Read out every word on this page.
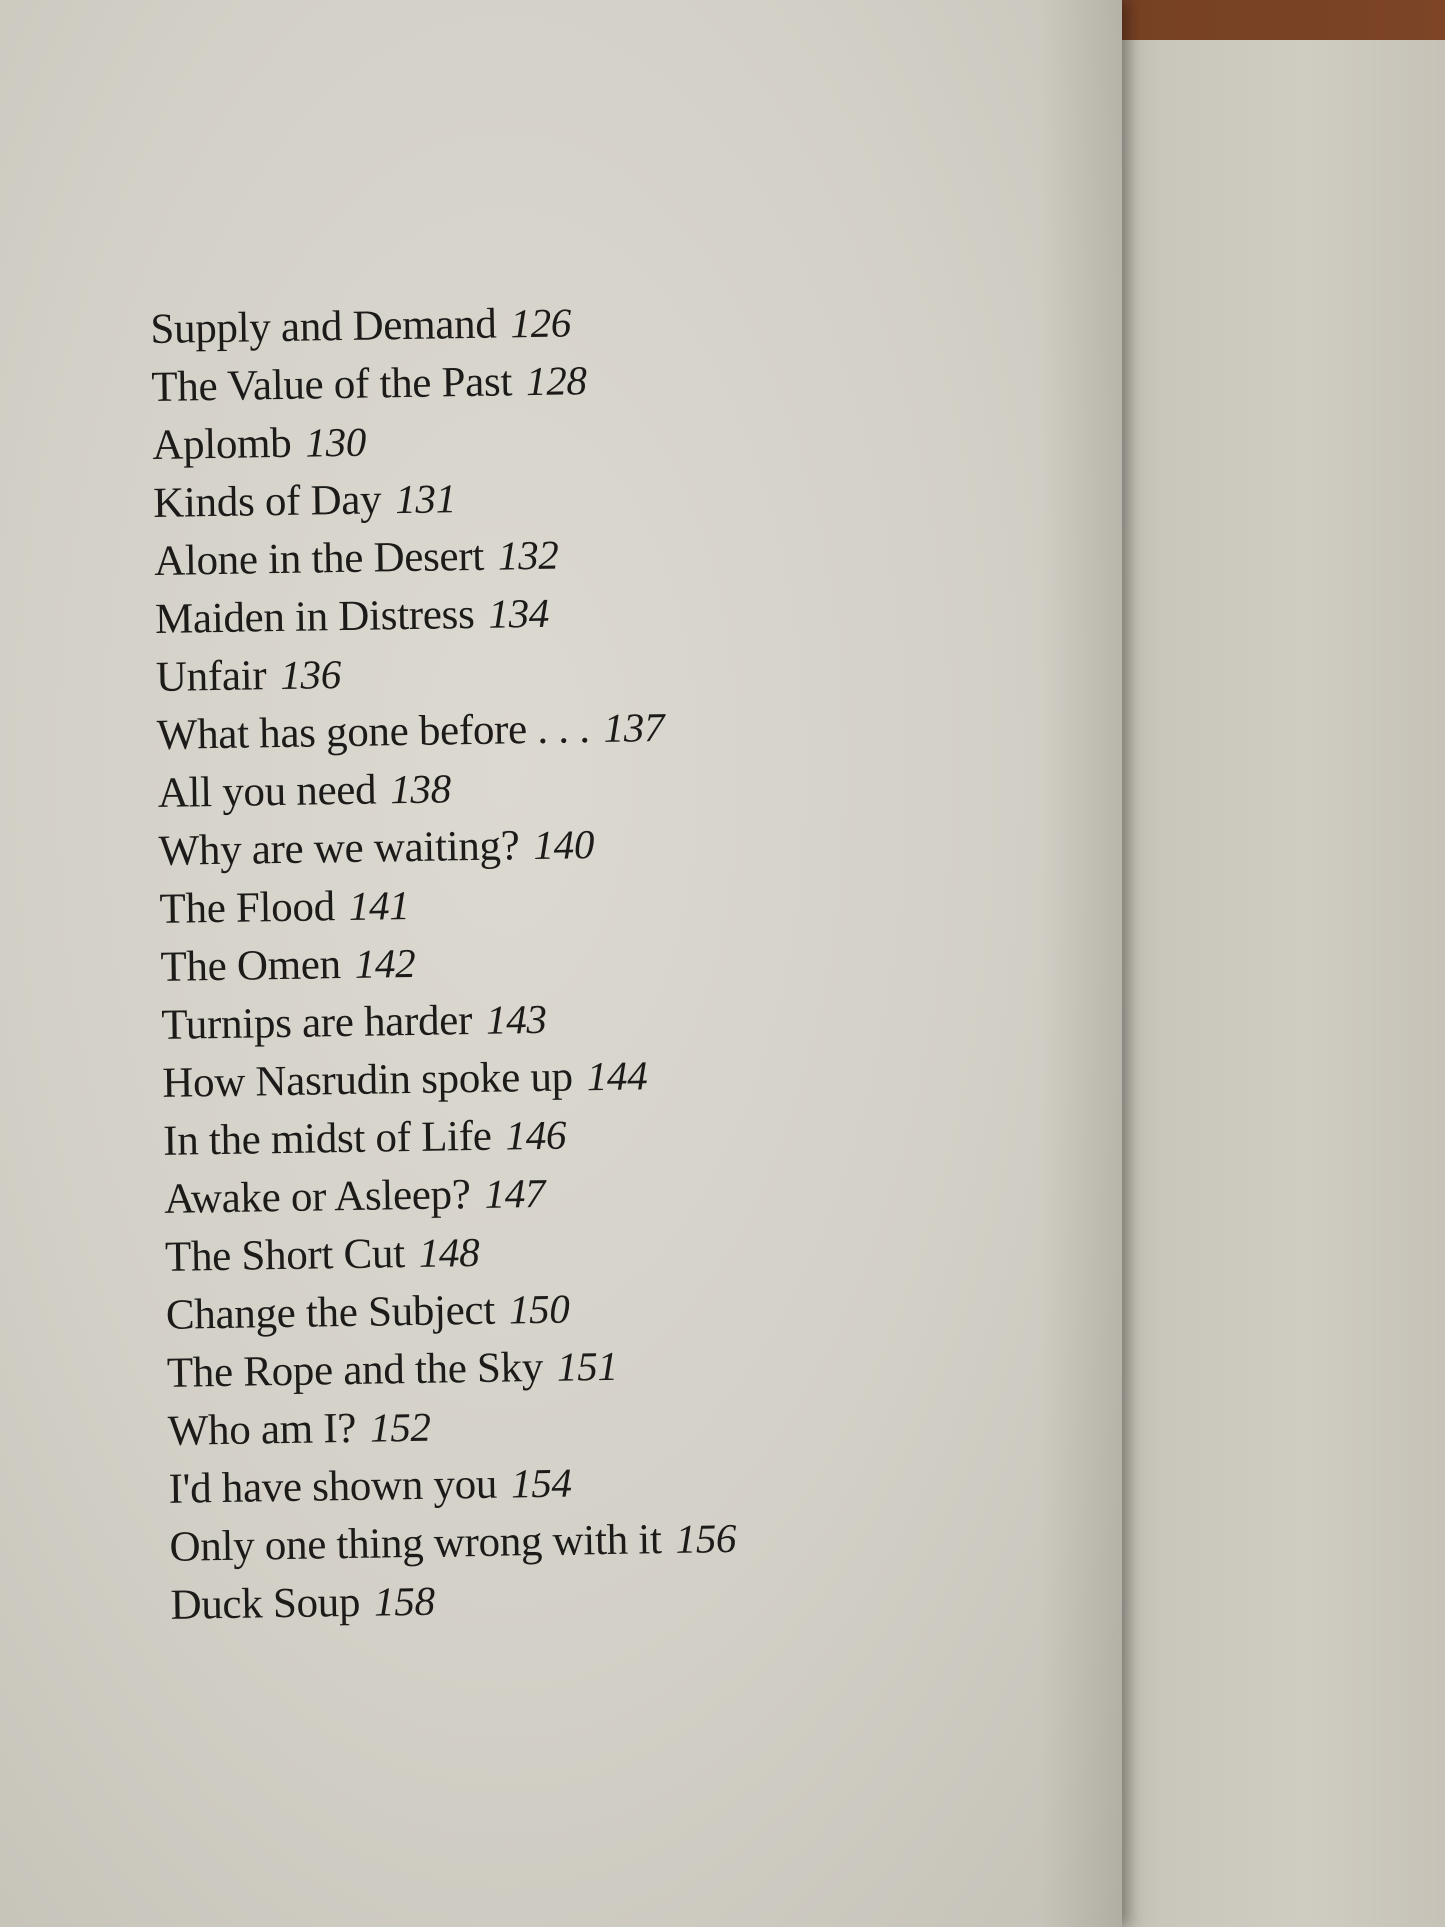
Supply and Demand 126
The Value of the Past 128
Aplomb 130
Kinds of Day 131
Alone in the Desert 132
Maiden in Distress 134
Unfair 136
What has gone before . . . 137
All you need 138
Why are we waiting? 140
The Flood 141
The Omen 142
Turnips are harder 143
How Nasrudin spoke up 144
In the midst of Life 146
Awake or Asleep? 147
The Short Cut 148
Change the Subject 150
The Rope and the Sky 151
Who am I? 152
I'd have shown you 154
Only one thing wrong with it 156
Duck Soup 158
